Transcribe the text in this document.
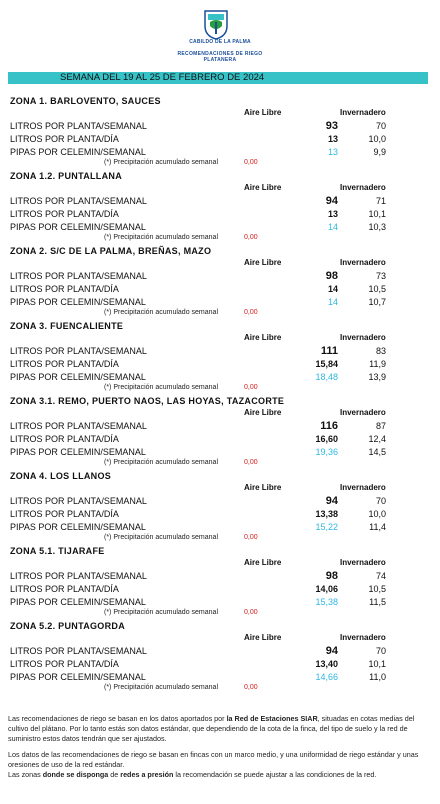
CABILDO DE LA PALMA
RECOMENDACIONES DE RIEGO
PLATANERA
SEMANA DEL 19 AL 25 DE FEBRERO DE 2024
ZONA 1. BARLOVENTO, SAUCES
Aire Libre	Invernadero
LITROS POR PLANTA/SEMANAL	93	70
LITROS POR PLANTA/DÍA	13	10,0
PIPAS POR CELEMIN/SEMANAL	13	9,9
(*) Precipitación acumulado semanal	0,00
ZONA 1.2. PUNTALLANA
Aire Libre	Invernadero
LITROS POR PLANTA/SEMANAL	94	71
LITROS POR PLANTA/DÍA	13	10,1
PIPAS POR CELEMIN/SEMANAL	14	10,3
(*) Precipitación acumulado semanal	0,00
ZONA 2. S/C DE LA PALMA, BREÑAS, MAZO
Aire Libre	Invernadero
LITROS POR PLANTA/SEMANAL	98	73
LITROS POR PLANTA/DÍA	14	10,5
PIPAS POR CELEMIN/SEMANAL	14	10,7
(*) Precipitación acumulado semanal	0,00
ZONA 3. FUENCALIENTE
Aire Libre	Invernadero
LITROS POR PLANTA/SEMANAL	111	83
LITROS POR PLANTA/DÍA	15,84	11,9
PIPAS POR CELEMIN/SEMANAL	18,48	13,9
(*) Precipitación acumulado semanal	0,00
ZONA 3.1. REMO, PUERTO NAOS, LAS HOYAS, TAZACORTE
Aire Libre	Invernadero
LITROS POR PLANTA/SEMANAL	116	87
LITROS POR PLANTA/DÍA	16,60	12,4
PIPAS POR CELEMIN/SEMANAL	19,36	14,5
(*) Precipitación acumulado semanal	0,00
ZONA 4. LOS LLANOS
Aire Libre	Invernadero
LITROS POR PLANTA/SEMANAL	94	70
LITROS POR PLANTA/DÍA	13,38	10,0
PIPAS POR CELEMIN/SEMANAL	15,22	11,4
(*) Precipitación acumulado semanal	0,00
ZONA 5.1. TIJARAFE
Aire Libre	Invernadero
LITROS POR PLANTA/SEMANAL	98	74
LITROS POR PLANTA/DÍA	14,06	10,5
PIPAS POR CELEMIN/SEMANAL	15,38	11,5
(*) Precipitación acumulado semanal	0,00
ZONA 5.2. PUNTAGORDA
Aire Libre	Invernadero
LITROS POR PLANTA/SEMANAL	94	70
LITROS POR PLANTA/DÍA	13,40	10,1
PIPAS POR CELEMIN/SEMANAL	14,66	11,0
(*) Precipitación acumulado semanal	0,00

Las recomendaciones de riego se basan en los datos aportados por la Red de Estaciones SIAR, situadas en cotas medias del cultivo del plátano. Por lo tanto estás son datos estándar, que dependiendo de la cota de la finca, del tipo de suelo y la red de suministro estos datos tendrán que ser ajustados.

Los datos de las recomendaciones de riego se basan en fincas con un marco medio, y una uniformidad de riego estándar y unas oresiones de uso de la red estándar.

Las zonas donde se disponga de redes a presión la recomendación se puede ajustar a las condiciones de la red.
